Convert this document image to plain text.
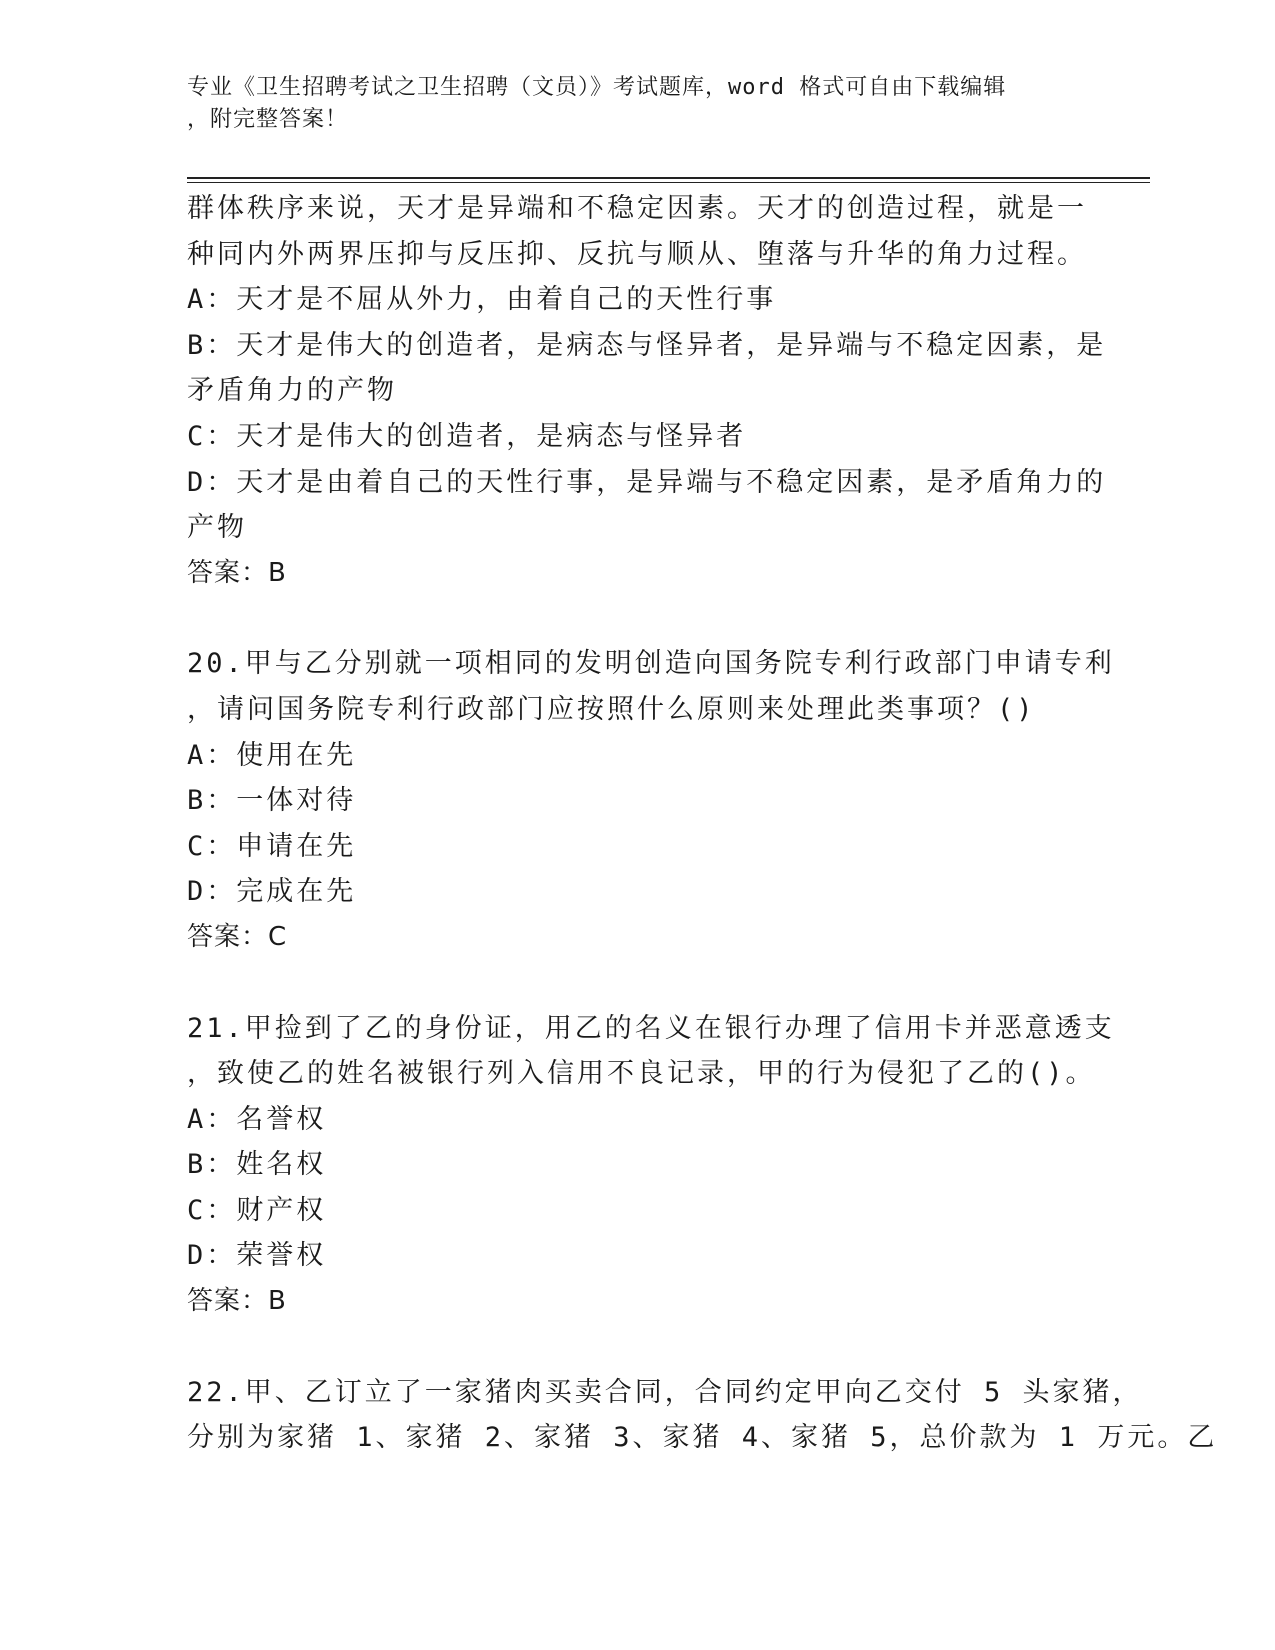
专业《卫生招聘考试之卫生招聘（文员）》考试题库，word 格式可自由下载编辑
，附完整答案！
群体秩序来说，天才是异端和不稳定因素。天才的创造过程，就是一
种同内外两界压抑与反压抑、反抗与顺从、堕落与升华的角力过程。
A：天才是不屈从外力，由着自己的天性行事
B：天才是伟大的创造者，是病态与怪异者，是异端与不稳定因素，是
矛盾角力的产物
C：天才是伟大的创造者，是病态与怪异者
D：天才是由着自己的天性行事，是异端与不稳定因素，是矛盾角力的
产物
答案：B
20.甲与乙分别就一项相同的发明创造向国务院专利行政部门申请专利
，请问国务院专利行政部门应按照什么原则来处理此类事项？()
A：使用在先
B：一体对待
C：申请在先
D：完成在先
答案：C
21.甲捡到了乙的身份证，用乙的名义在银行办理了信用卡并恶意透支
，致使乙的姓名被银行列入信用不良记录，甲的行为侵犯了乙的()。
A：名誉权
B：姓名权
C：财产权
D：荣誉权
答案：B
22.甲、乙订立了一家猪肉买卖合同，合同约定甲向乙交付 5 头家猪，
分别为家猪 1、家猪 2、家猪 3、家猪 4、家猪 5，总价款为 1 万元。乙
